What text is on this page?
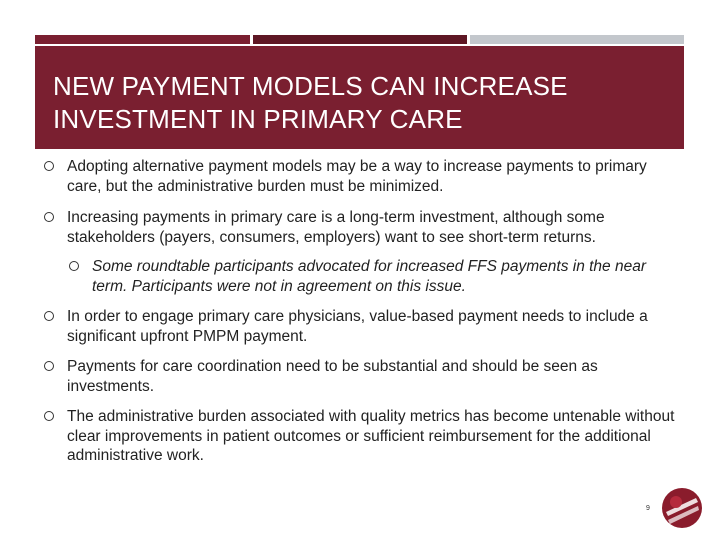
NEW PAYMENT MODELS CAN INCREASE INVESTMENT IN PRIMARY CARE
Adopting alternative payment models may be a way to increase payments to primary care, but the administrative burden must be minimized.
Increasing payments in primary care is a long-term investment, although some stakeholders (payers, consumers, employers) want to see short-term returns.
Some roundtable participants advocated for increased FFS payments in the near term. Participants were not in agreement on this issue.
In order to engage primary care physicians, value-based payment needs to include a significant upfront PMPM payment.
Payments for care coordination need to be substantial and should be seen as investments.
The administrative burden associated with quality metrics has become untenable without clear improvements in patient outcomes or sufficient reimbursement for the additional administrative work.
9
